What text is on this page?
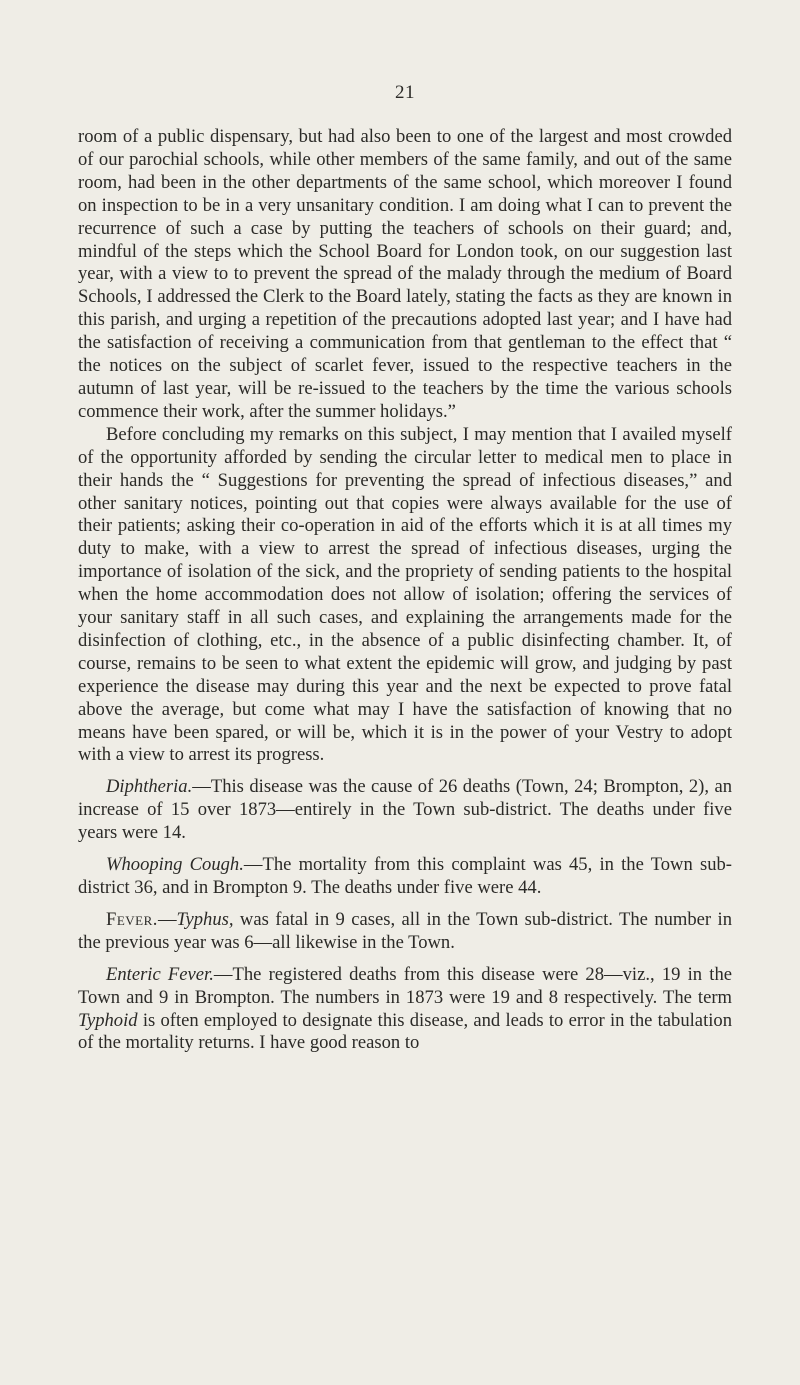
21

room of a public dispensary, but had also been to one of the largest and most crowded of our parochial schools, while other members of the same family, and out of the same room, had been in the other departments of the same school, which moreover I found on inspection to be in a very unsanitary condition. I am doing what I can to prevent the recurrence of such a case by putting the teachers of schools on their guard; and, mindful of the steps which the School Board for London took, on our suggestion last year, with a view to to prevent the spread of the malady through the medium of Board Schools, I addressed the Clerk to the Board lately, stating the facts as they are known in this parish, and urging a repetition of the precautions adopted last year; and I have had the satisfaction of receiving a communication from that gentleman to the effect that “ the notices on the subject of scarlet fever, issued to the respective teachers in the autumn of last year, will be re-issued to the teachers by the time the various schools commence their work, after the summer holidays.”

Before concluding my remarks on this subject, I may mention that I availed myself of the opportunity afforded by sending the circular letter to medical men to place in their hands the “ Suggestions for preventing the spread of infectious diseases,” and other sanitary notices, pointing out that copies were always available for the use of their patients; asking their co-operation in aid of the efforts which it is at all times my duty to make, with a view to arrest the spread of infectious diseases, urging the importance of isolation of the sick, and the propriety of sending patients to the hospital when the home accommodation does not allow of isolation; offering the services of your sanitary staff in all such cases, and explaining the arrangements made for the disinfection of clothing, etc., in the absence of a public disinfecting chamber. It, of course, remains to be seen to what extent the epidemic will grow, and judging by past experience the disease may during this year and the next be expected to prove fatal above the average, but come what may I have the satisfaction of knowing that no means have been spared, or will be, which it is in the power of your Vestry to adopt with a view to arrest its progress.

Diphtheria.—This disease was the cause of 26 deaths (Town, 24; Brompton, 2), an increase of 15 over 1873—entirely in the Town sub-district. The deaths under five years were 14.

Whooping Cough.—The mortality from this complaint was 45, in the Town sub-district 36, and in Brompton 9. The deaths under five were 44.

Fever.—Typhus, was fatal in 9 cases, all in the Town sub-district. The number in the previous year was 6—all likewise in the Town.

Enteric Fever.—The registered deaths from this disease were 28—viz., 19 in the Town and 9 in Brompton. The numbers in 1873 were 19 and 8 respectively. The term Typhoid is often employed to designate this disease, and leads to error in the tabulation of the mortality returns. I have good reason to
